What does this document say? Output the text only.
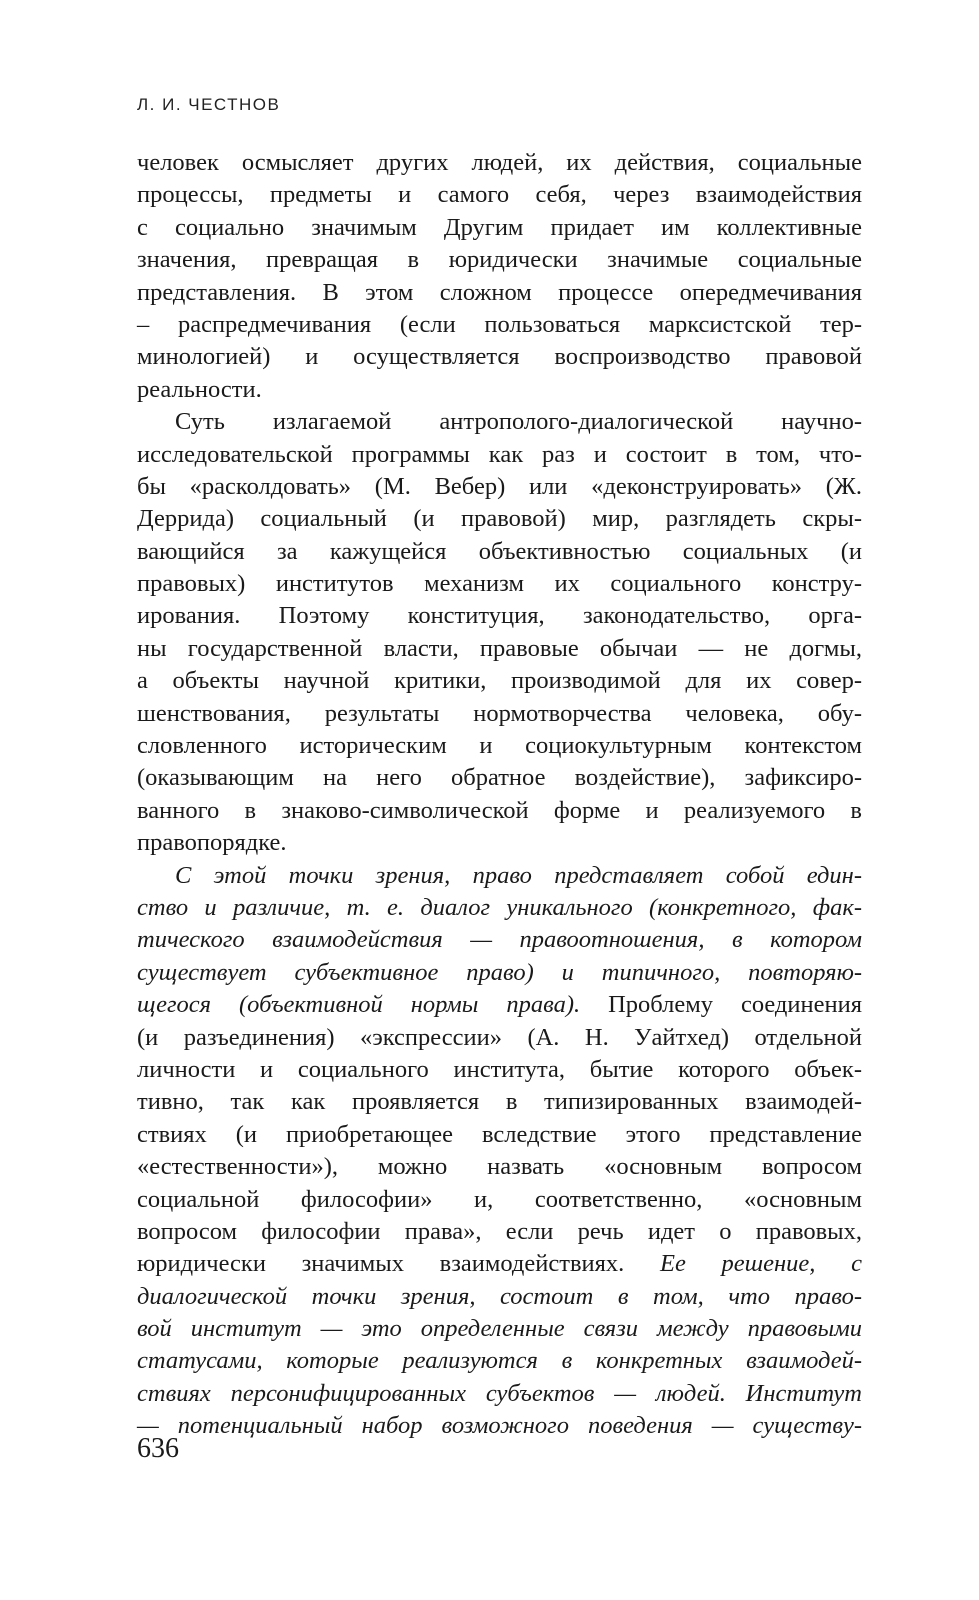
Л. И. ЧЕСТНОВ
человек осмысляет других людей, их действия, социальные
процессы, предметы и самого себя, через взаимодействия
с социально значимым Другим придает им коллективные
значения, превращая в юридически значимые социальные
представления. В этом сложном процессе опередмечивания
– распредмечивания (если пользоваться марксистской тер-
минологией) и осуществляется воспроизводство правовой
реальности.
Суть излагаемой антрополого-диалогической научно-
исследовательской программы как раз и состоит в том, что-
бы «расколдовать» (М. Вебер) или «деконструировать» (Ж.
Деррида) социальный (и правовой) мир, разглядеть скры-
вающийся за кажущейся объективностью социальных (и
правовых) институтов механизм их социального констру-
ирования. Поэтому конституция, законодательство, орга-
ны государственной власти, правовые обычаи — не догмы,
а объекты научной критики, производимой для их совер-
шенствования, результаты нормотворчества человека, обу-
словленного историческим и социокультурным контекстом
(оказывающим на него обратное воздействие), зафиксиро-
ванного в знаково-символической форме и реализуемого в
правопорядке.
С этой точки зрения, право представляет собой един-
ство и различие, т. е. диалог уникального (конкретного, фак-
тического взаимодействия — правоотношения, в котором
существует субъективное право) и типичного, повторяю-
щегося (объективной нормы права). Проблему соединения
(и разъединения) «экспрессии» (А. Н. Уайтхед) отдельной
личности и социального института, бытие которого объек-
тивно, так как проявляется в типизированных взаимодей-
ствиях (и приобретающее вследствие этого представление
«естественности»), можно назвать «основным вопросом
социальной философии» и, соответственно, «основным
вопросом философии права», если речь идет о правовых,
юридически значимых взаимодействиях. Ее решение, с
диалогической точки зрения, состоит в том, что право-
вой институт — это определенные связи между правовыми
статусами, которые реализуются в конкретных взаимодей-
ствиях персонифицированных субъектов — людей. Институт
— потенциальный набор возможного поведения — существу-
636
